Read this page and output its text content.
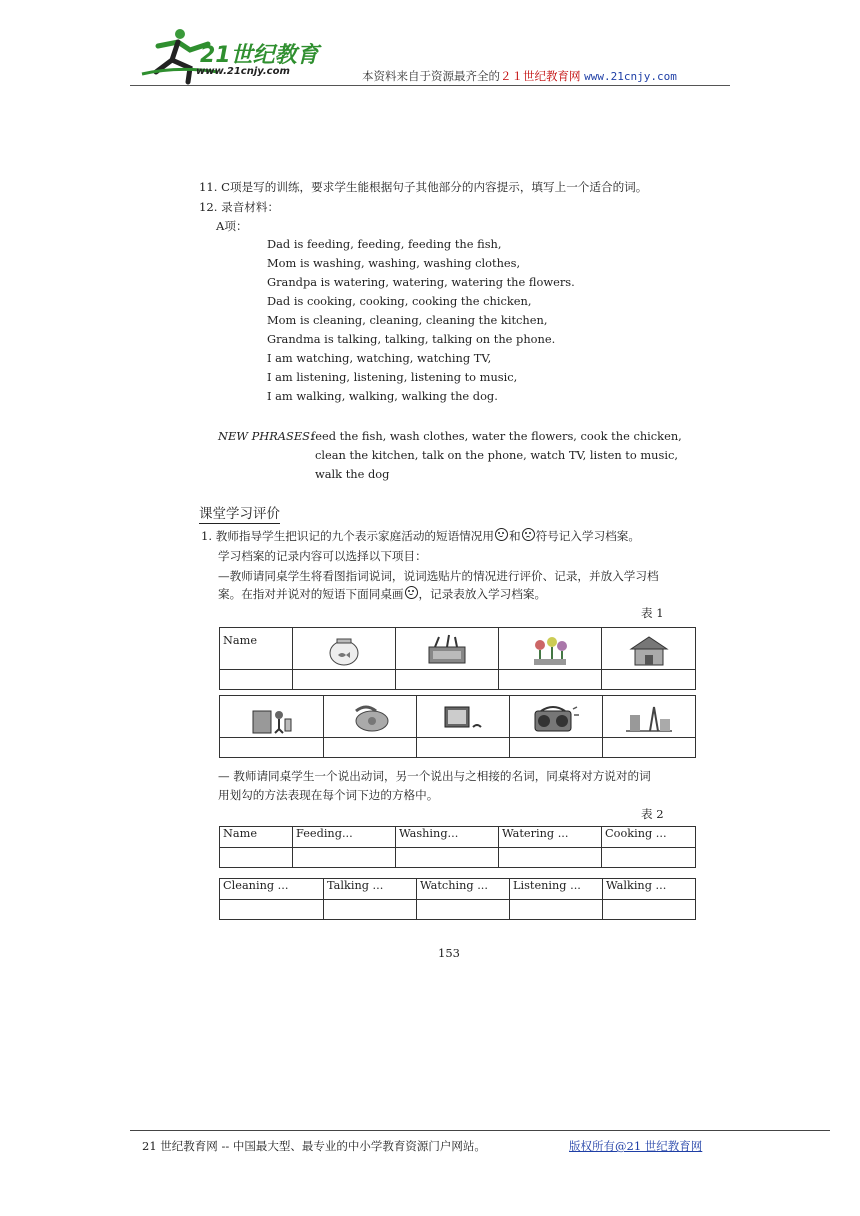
21世纪教育
www.21cnjy.com	本资料来自于资源最齐全的２１世纪教育网 www.21cnjy.com
11. C项是写的训练，要求学生能根据句子其他部分的内容提示，填写上一个适合的词。
12. 录音材料：
A项：
Dad is feeding, feeding, feeding the fish,
Mom is washing, washing, washing clothes,
Grandpa is watering, watering, watering the flowers.
Dad is cooking, cooking, cooking the chicken,
Mom is cleaning, cleaning, cleaning the kitchen,
Grandma is talking, talking, talking on the phone.
I am watching, watching, watching TV,
I am listening, listening, listening to music,
I am walking, walking, walking the dog.
NEW PHRASES:
feed the fish, wash clothes, water the flowers, cook the chicken,
clean the kitchen, talk on the phone, watch TV, listen to music,
walk the dog
课堂学习评价
1. 教师指导学生把识记的九个表示家庭活动的短语情况用 和 符号记入学习档案。
学习档案的记录内容可以选择以下项目：
—教师请同桌学生将看图指词说词，说词选贴片的情况进行评价、记录，并放入学习档
案。在指对并说对的短语下面同桌画 ，记录表放入学习档案。
表 1
Name	

— 教师请同桌学生一个说出动词，另一个说出与之相接的名词，同桌将对方说对的词
用划勾的方法表现在每个词下边的方格中。
表 2
Name	Feeding...	Washing...	Watering ...	Cooking ...

Cleaning ...	Talking ...	Watching ...	Listening ...	Walking ...

153
21 世纪教育网 -- 中国最大型、最专业的中小学教育资源门户网站。	版权所有@21 世纪教育网
